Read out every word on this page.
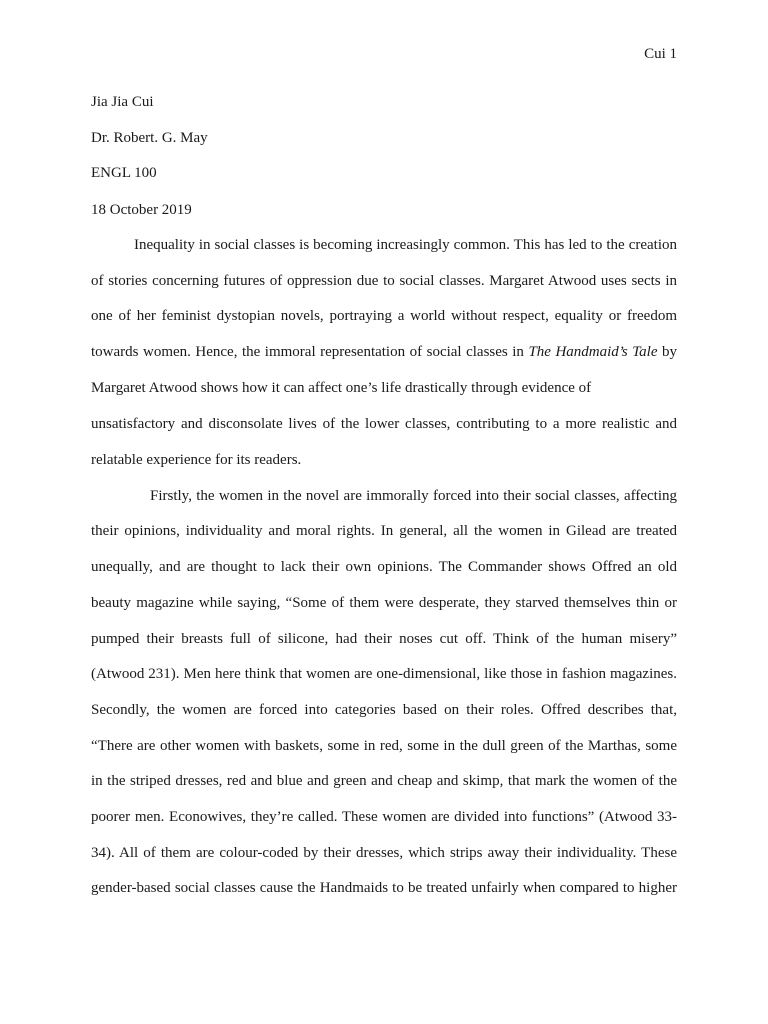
Cui 1
Jia Jia Cui
Dr. Robert. G. May
ENGL 100
18 October 2019
Inequality in social classes is becoming increasingly common. This has led to the creation
of stories concerning futures of oppression due to social classes. Margaret Atwood uses sects in
one of her feminist dystopian novels, portraying a world without respect, equality or freedom
towards women. Hence, the immoral representation of social classes in The Handmaid’s Tale by
Margaret Atwood shows how it can affect one’s life drastically through evidence of
unsatisfactory and disconsolate lives of the lower classes, contributing to a more realistic and
relatable experience for its readers.
Firstly, the women in the novel are immorally forced into their social classes, affecting
their opinions, individuality and moral rights. In general, all the women in Gilead are treated
unequally, and are thought to lack their own opinions. The Commander shows Offred an old
beauty magazine while saying, “Some of them were desperate, they starved themselves thin or
pumped their breasts full of silicone, had their noses cut off. Think of the human misery”
(Atwood 231). Men here think that women are one-dimensional, like those in fashion magazines.
Secondly, the women are forced into categories based on their roles. Offred describes that,
“There are other women with baskets, some in red, some in the dull green of the Marthas, some
in the striped dresses, red and blue and green and cheap and skimp, that mark the women of the
poorer men. Econowives, they’re called. These women are divided into functions” (Atwood 33-
34). All of them are colour-coded by their dresses, which strips away their individuality. These
gender-based social classes cause the Handmaids to be treated unfairly when compared to higher
